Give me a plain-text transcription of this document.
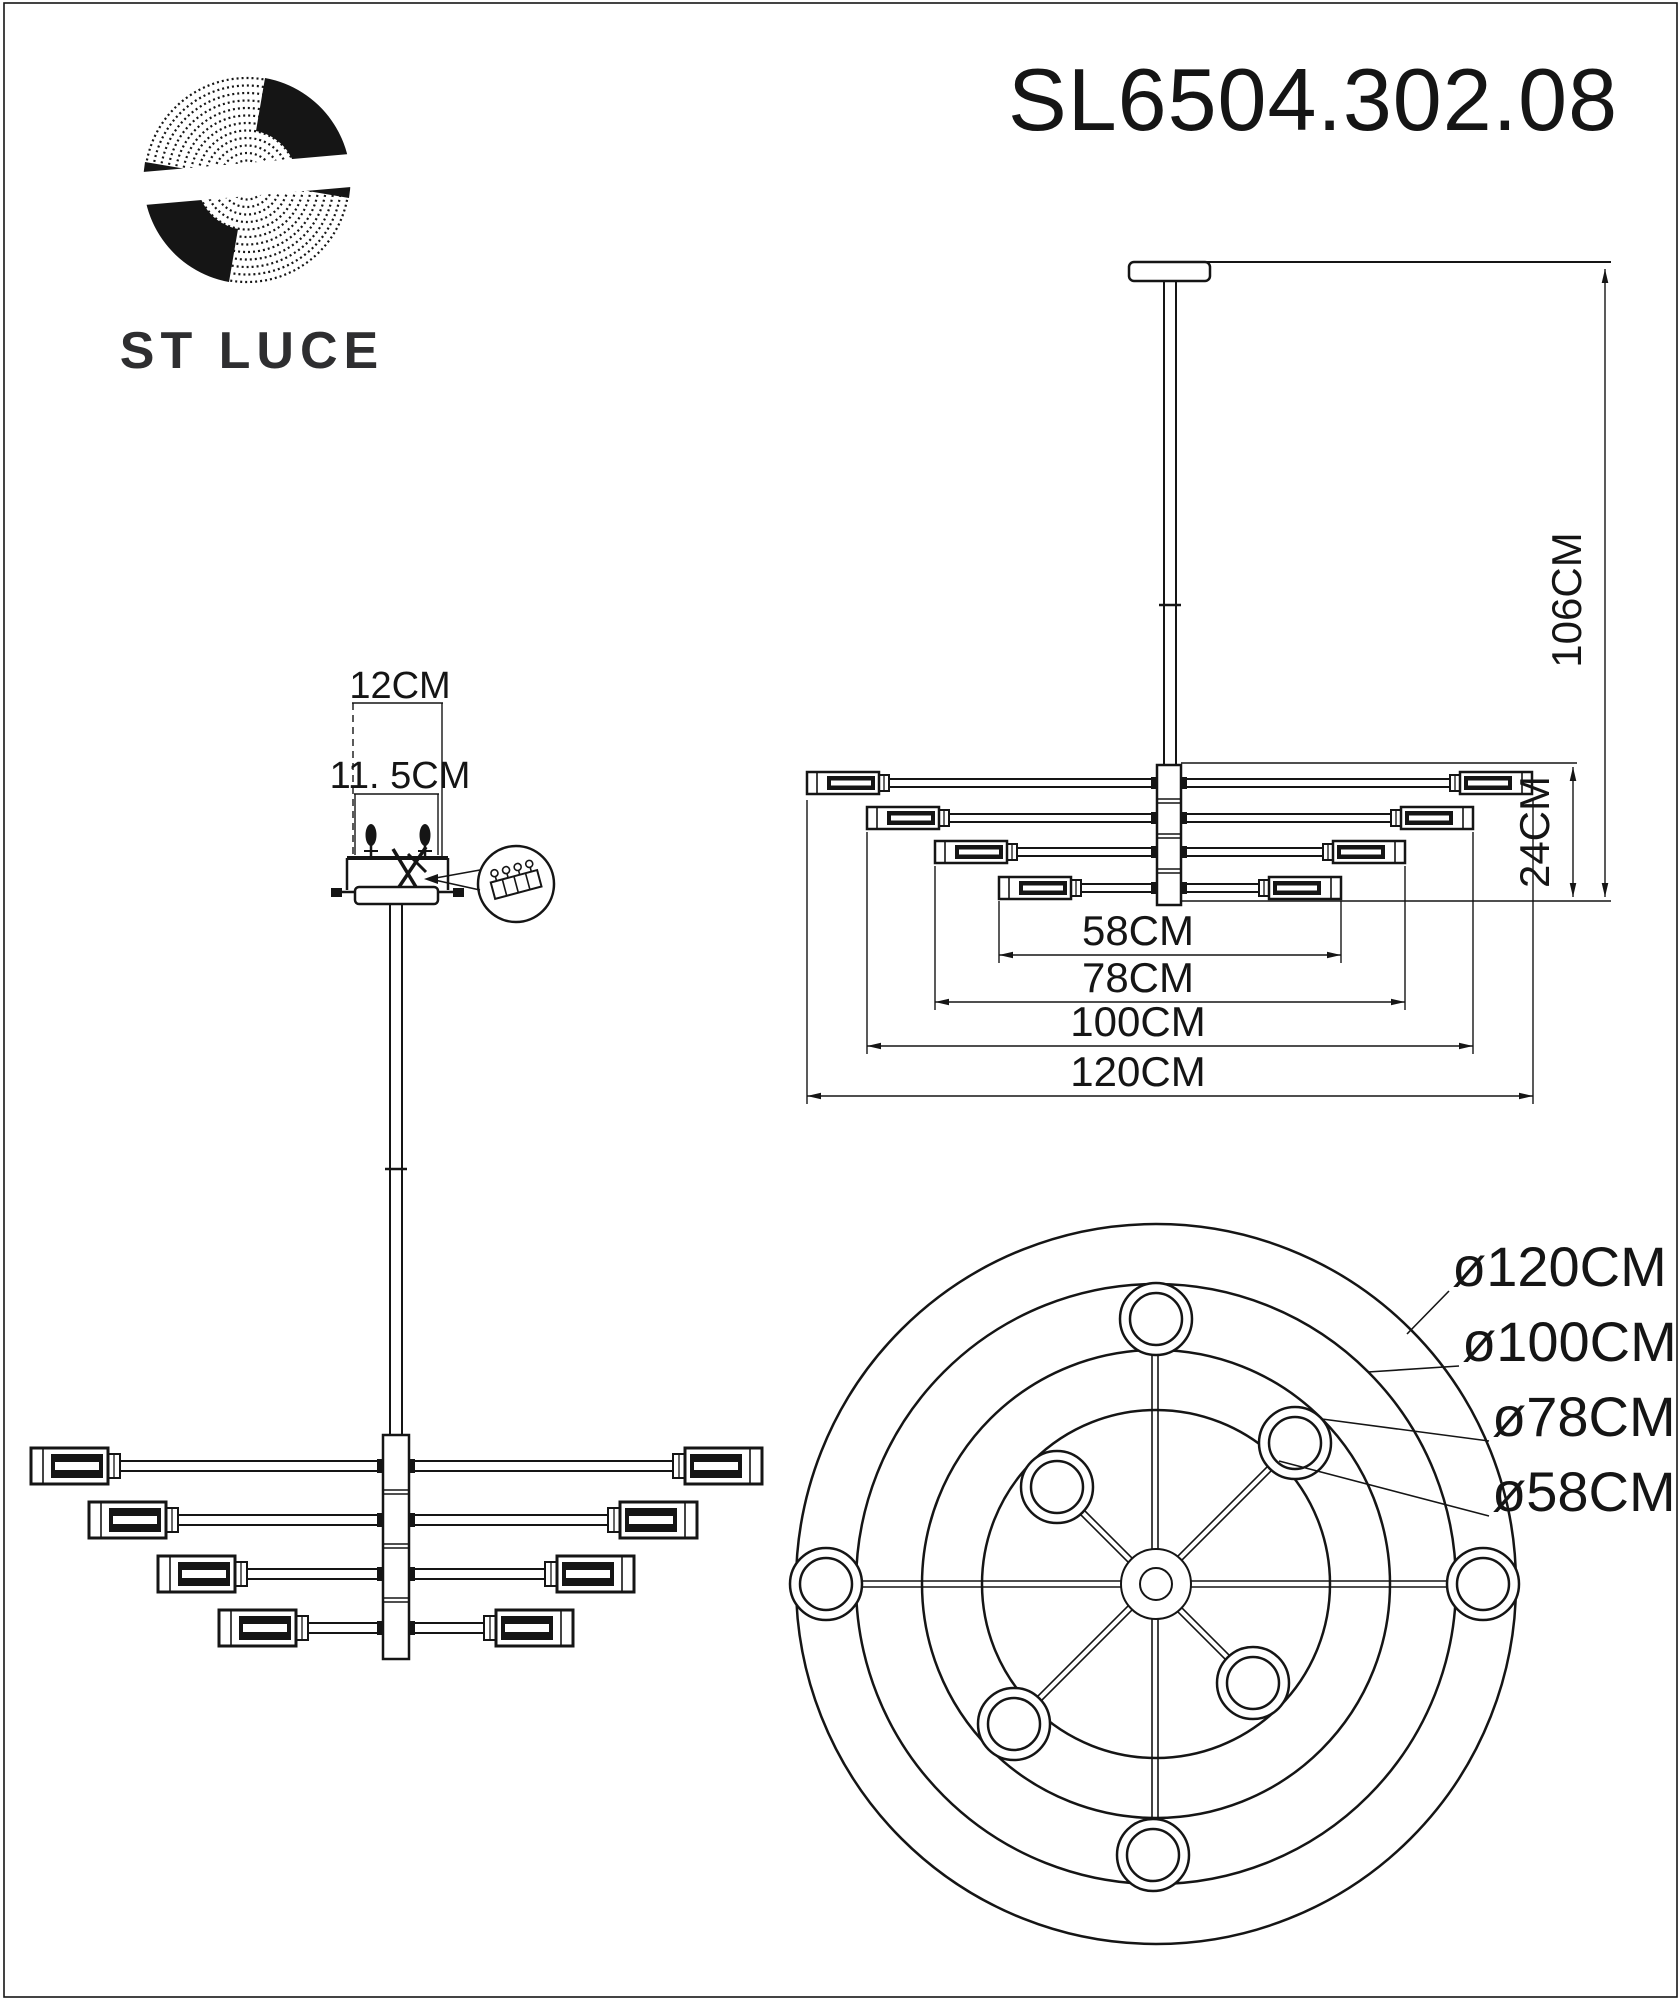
ST LUCE
SL6504.302.08
58CM
78CM
100CM
120CM
24CM
106CM
12CM
11. 5CM
ø120CM
ø100CM
ø78CM
ø58CM
